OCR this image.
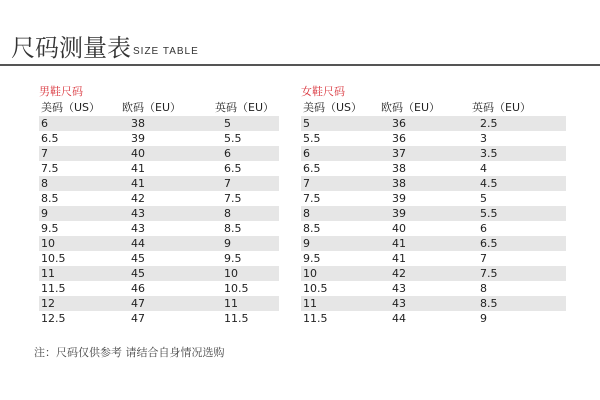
尺码测量表 SIZE TABLE
男鞋尺码
美码（US） 欧码（EU）	英码（EU）
6	38	5
6.5	39	5.5
7	40	6
7.5	41	6.5
8	41	7
8.5	42	7.5
9	43	8
9.5	43	8.5
10	44	9
10.5	45	9.5
11	45	10
11.5	46	10.5
12	47	11
12.5	47	11.5
女鞋尺码
美码（US） 欧码（EU）	英码（EU）
5	36	2.5
5.5	36	3
6	37	3.5
6.5	38	4
7	38	4.5
7.5	39	5
8	39	5.5
8.5	40	6
9	41	6.5
9.5	41	7
10	42	7.5
10.5	43	8
11	43	8.5
11.5	44	9
注：尺码仅供参考 请结合自身情况选购
